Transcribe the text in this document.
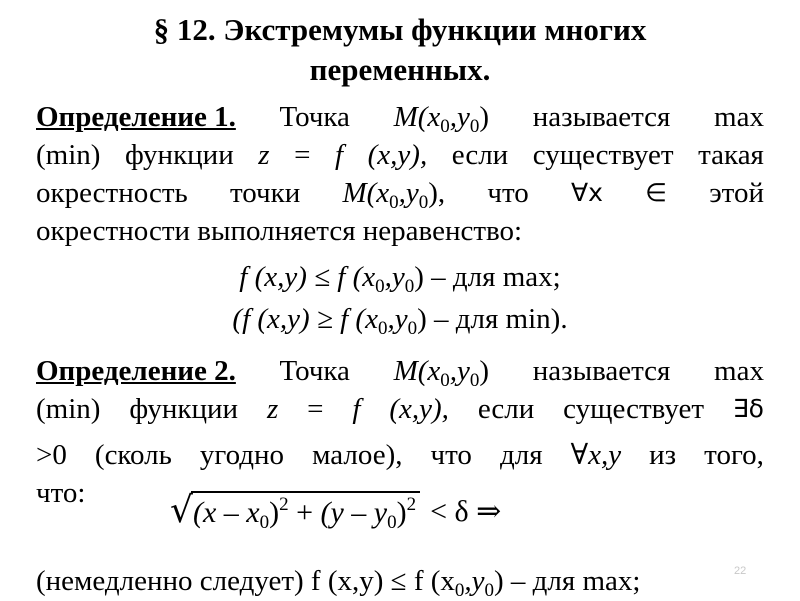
§ 12. Экстремумы функции многих
переменных.
Определение 1. Точка $M(x_0,y_0)$ называется max
(min) функции z = f (x,y), если существует такая
окрестность точки $M(x_0,y_0)$, что ∀x ∈ этой
окрестности выполняется неравенство:
f (x,y) ≤ f $(x_0,y_0)$ – для max;
(f (x,y) ≥ f $(x_0,y_0)$ – для min).
Определение 2. Точка $M(x_0,y_0)$ называется max
(min) функции z = f (x,y), если существует ∃δ
>0 (сколь угодно малое), что для ∀x,y из того,
что:	√ $(x - x_0)^2 + (y - y_0)^2 < \delta$ ⇒
(немедленно следует) f (x,y) ≤ f $(x_0,y_0)$ – для max;	22
